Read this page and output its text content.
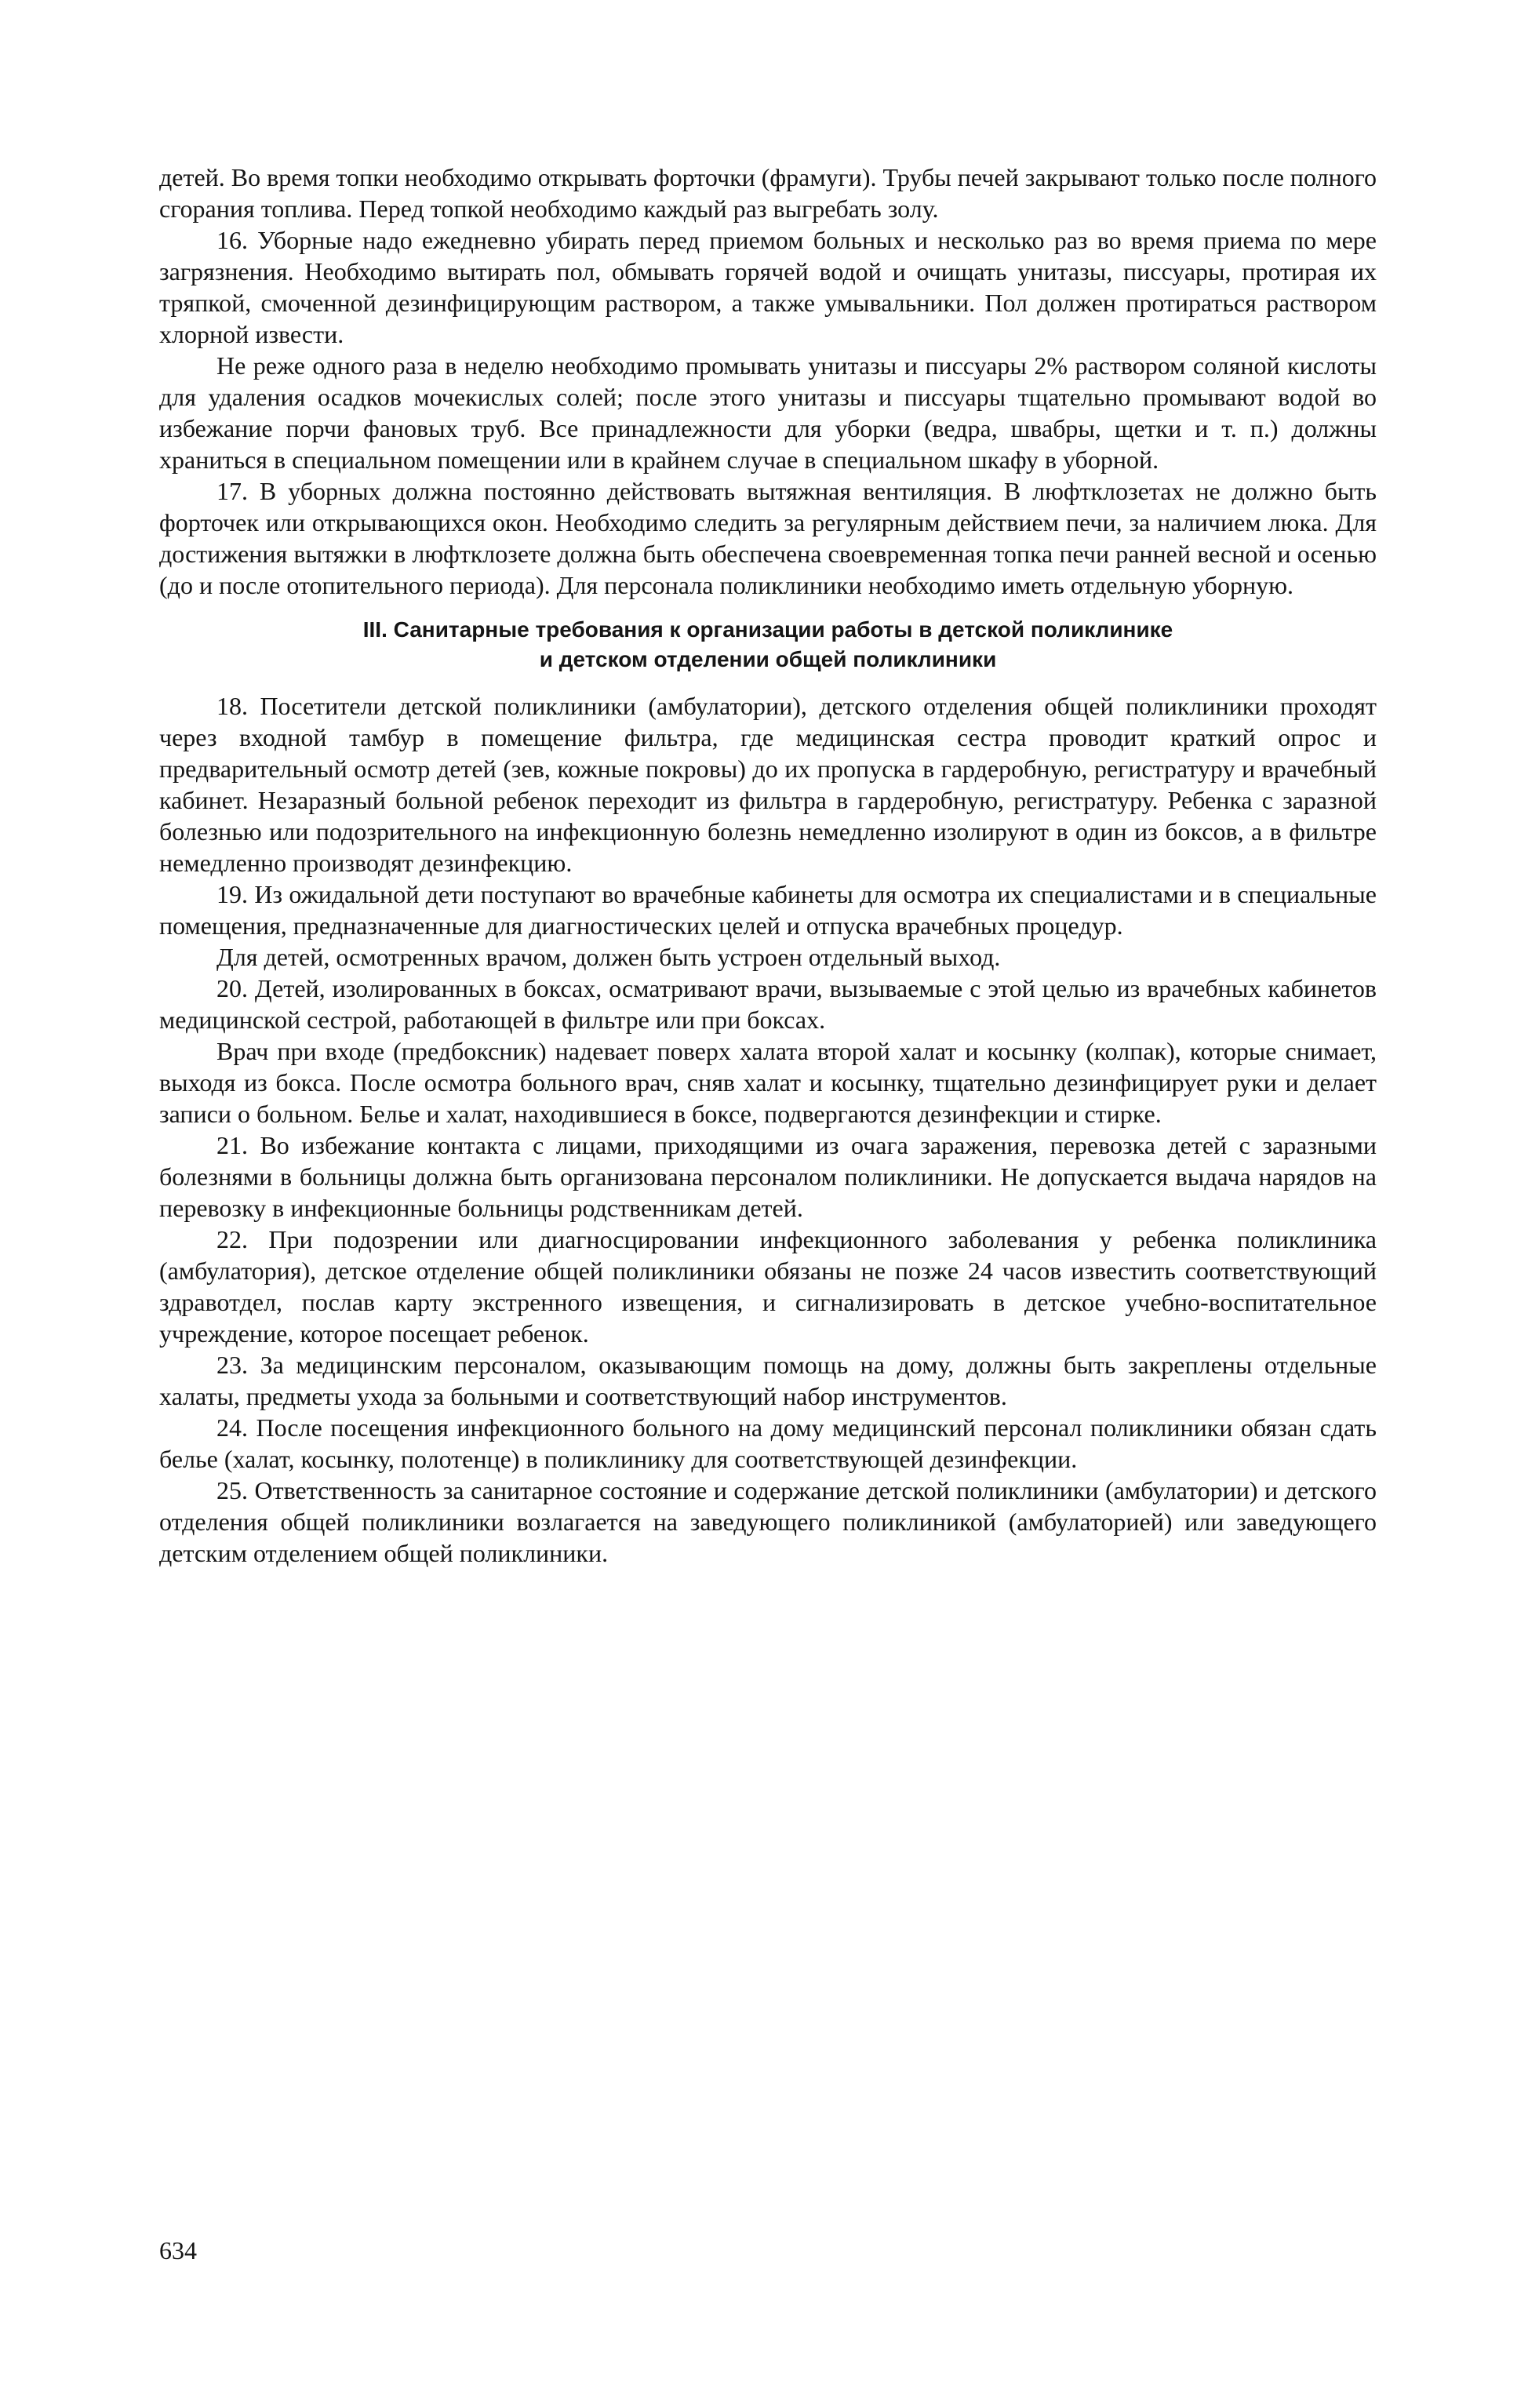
детей. Во время топки необходимо открывать форточки (фрамуги). Трубы печей закрывают только после полного сгорания топлива. Перед топкой необходимо каждый раз выгребать золу.

16. Уборные надо ежедневно убирать перед приемом больных и несколько раз во время приема по мере загрязнения. Необходимо вытирать пол, обмывать горячей водой и очищать унитазы, писсуары, протирая их тряпкой, смоченной дезинфицирующим раствором, а также умывальники. Пол должен протираться раствором хлорной извести.

Не реже одного раза в неделю необходимо промывать унитазы и писсуары 2% раствором соляной кислоты для удаления осадков мочекислых солей; после этого унитазы и писсуары тщательно промывают водой во избежание порчи фановых труб. Все принадлежности для уборки (ведра, швабры, щетки и т. п.) должны храниться в специальном помещении или в крайнем случае в специальном шкафу в уборной.

17. В уборных должна постоянно действовать вытяжная вентиляция. В люфтклозетах не должно быть форточек или открывающихся окон. Необходимо следить за регулярным действием печи, за наличием люка. Для достижения вытяжки в люфтклозете должна быть обеспечена своевременная топка печи ранней весной и осенью (до и после отопительного периода). Для персонала поликлиники необходимо иметь отдельную уборную.

III. Санитарные требования к организации работы в детской поликлинике
и детском отделении общей поликлиники

18. Посетители детской поликлиники (амбулатории), детского отделения общей поликлиники проходят через входной тамбур в помещение фильтра, где медицинская сестра проводит краткий опрос и предварительный осмотр детей (зев, кожные покровы) до их пропуска в гардеробную, регистратуру и врачебный кабинет. Незаразный больной ребенок переходит из фильтра в гардеробную, регистратуру. Ребенка с заразной болезнью или подозрительного на инфекционную болезнь немедленно изолируют в один из боксов, а в фильтре немедленно производят дезинфекцию.

19. Из ожидальной дети поступают во врачебные кабинеты для осмотра их специалистами и в специальные помещения, предназначенные для диагностических целей и отпуска врачебных процедур.

Для детей, осмотренных врачом, должен быть устроен отдельный выход.

20. Детей, изолированных в боксах, осматривают врачи, вызываемые с этой целью из врачебных кабинетов медицинской сестрой, работающей в фильтре или при боксах.

Врач при входе (предбоксник) надевает поверх халата второй халат и косынку (колпак), которые снимает, выходя из бокса. После осмотра больного врач, сняв халат и косынку, тщательно дезинфицирует руки и делает записи о больном. Белье и халат, находившиеся в боксе, подвергаются дезинфекции и стирке.

21. Во избежание контакта с лицами, приходящими из очага заражения, перевозка детей с заразными болезнями в больницы должна быть организована персоналом поликлиники. Не допускается выдача нарядов на перевозку в инфекционные больницы родственникам детей.

22. При подозрении или диагносцировании инфекционного заболевания у ребенка поликлиника (амбулатория), детское отделение общей поликлиники обязаны не позже 24 часов известить соответствующий здравотдел, послав карту экстренного извещения, и сигнализировать в детское учебно-воспитательное учреждение, которое посещает ребенок.

23. За медицинским персоналом, оказывающим помощь на дому, должны быть закреплены отдельные халаты, предметы ухода за больными и соответствующий набор инструментов.

24. После посещения инфекционного больного на дому медицинский персонал поликлиники обязан сдать белье (халат, косынку, полотенце) в поликлинику для соответствующей дезинфекции.

25. Ответственность за санитарное состояние и содержание детской поликлиники (амбулатории) и детского отделения общей поликлиники возлагается на заведующего поликлиникой (амбулаторией) или заведующего детским отделением общей поликлиники.

634
